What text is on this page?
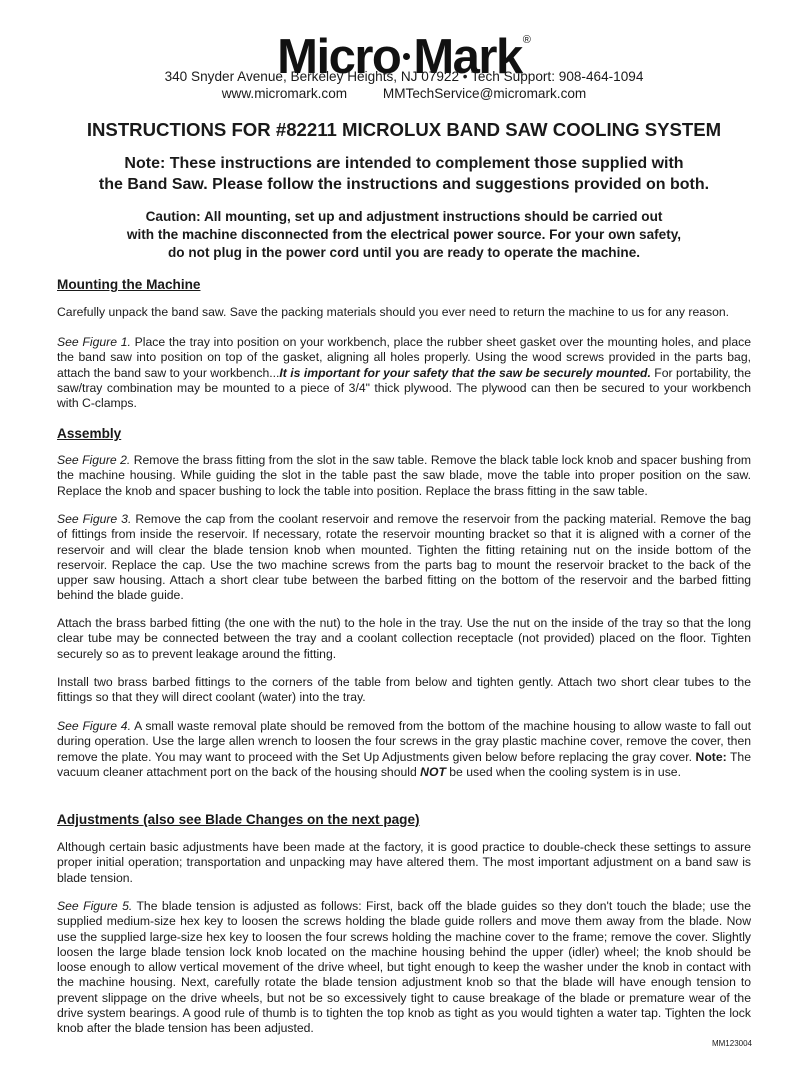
Micro Mark®
340 Snyder Avenue, Berkeley Heights, NJ 07922 • Tech Support: 908-464-1094
www.micromark.com	MMTechService@micromark.com
INSTRUCTIONS FOR #82211 MICROLUX BAND SAW COOLING SYSTEM
Note: These instructions are intended to complement those supplied with
the Band Saw. Please follow the instructions and suggestions provided on both.
Caution: All mounting, set up and adjustment instructions should be carried out
with the machine disconnected from the electrical power source. For your own safety,
do not plug in the power cord until you are ready to operate the machine.
Mounting the Machine
Carefully unpack the band saw. Save the packing materials should you ever need to return the machine to us for any reason.
See Figure 1. Place the tray into position on your workbench, place the rubber sheet gasket over the mounting holes, and place the band saw into position on top of the gasket, aligning all holes properly. Using the wood screws provided in the parts bag, attach the band saw to your workbench...It is important for your safety that the saw be securely mounted. For portability, the saw/tray combination may be mounted to a piece of 3/4" thick plywood. The plywood can then be secured to your workbench with C-clamps.
Assembly
See Figure 2. Remove the brass fitting from the slot in the saw table. Remove the black table lock knob and spacer bushing from the machine housing. While guiding the slot in the table past the saw blade, move the table into proper position on the saw. Replace the knob and spacer bushing to lock the table into position. Replace the brass fitting in the saw table.
See Figure 3. Remove the cap from the coolant reservoir and remove the reservoir from the packing material. Remove the bag of fittings from inside the reservoir. If necessary, rotate the reservoir mounting bracket so that it is aligned with a corner of the reservoir and will clear the blade tension knob when mounted. Tighten the fitting retaining nut on the inside bottom of the reservoir. Replace the cap. Use the two machine screws from the parts bag to mount the reservoir bracket to the back of the upper saw housing. Attach a short clear tube between the barbed fitting on the bottom of the reservoir and the barbed fitting behind the blade guide.
Attach the brass barbed fitting (the one with the nut) to the hole in the tray. Use the nut on the inside of the tray so that the long clear tube may be connected between the tray and a coolant collection receptacle (not provided) placed on the floor. Tighten securely so as to prevent leakage around the fitting.
Install two brass barbed fittings to the corners of the table from below and tighten gently. Attach two short clear tubes to the fittings so that they will direct coolant (water) into the tray.
See Figure 4. A small waste removal plate should be removed from the bottom of the machine housing to allow waste to fall out during operation. Use the large allen wrench to loosen the four screws in the gray plastic machine cover, remove the cover, then remove the plate. You may want to proceed with the Set Up Adjustments given below before replacing the gray cover. Note: The vacuum cleaner attachment port on the back of the housing should NOT be used when the cooling system is in use.
Adjustments (also see Blade Changes on the next page)
Although certain basic adjustments have been made at the factory, it is good practice to double-check these settings to assure proper initial operation; transportation and unpacking may have altered them. The most important adjustment on a band saw is blade tension.
See Figure 5. The blade tension is adjusted as follows: First, back off the blade guides so they don't touch the blade; use the supplied medium-size hex key to loosen the screws holding the blade guide rollers and move them away from the blade. Now use the supplied large-size hex key to loosen the four screws holding the machine cover to the frame; remove the cover. Slightly loosen the large blade tension lock knob located on the machine housing behind the upper (idler) wheel; the knob should be loose enough to allow vertical movement of the drive wheel, but tight enough to keep the washer under the knob in contact with the machine housing. Next, carefully rotate the blade tension adjustment knob so that the blade will have enough tension to prevent slippage on the drive wheels, but not be so excessively tight to cause breakage of the blade or premature wear of the drive system bearings. A good rule of thumb is to tighten the top knob as tight as you would tighten a water tap. Tighten the lock knob after the blade tension has been adjusted.
MM123004
